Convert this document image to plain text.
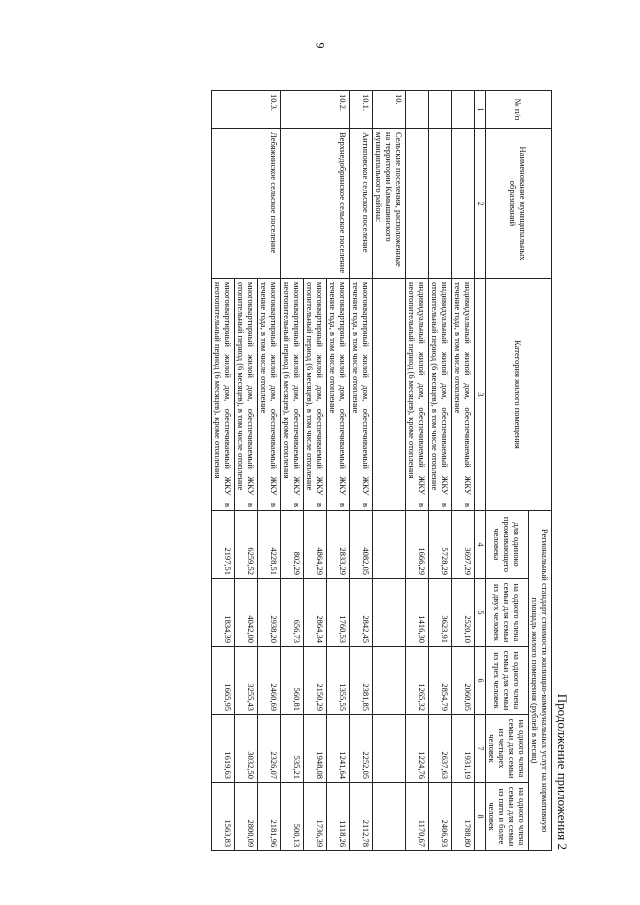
9
Продолжение приложения 2
№ п/п	Наименование муниципальных образований	Категория жилого помещения	Региональный стандарт стоимости жилищно-коммунальных услуг на нормативную площадь жилого помещения (рублей в месяц)				
			для одиноко проживающего человека	на одного члена семьи для семьи из двух человек	на одного члена семьи для семьи из трех человек	на одного члена семьи для семьи из четырех человек	на одного члена семьи для семьи из пяти и более человек
1	2	3	4	5	6	7	8
		индивидуальный жилой дом, обеспечиваемый ЖКУ в течение года, в том числе отопление	3697,29	2520,10	2060,05	1931,19	1788,80
		индивидуальный жилой дом, обеспечиваемый ЖКУ в отопительный период (6 месяцев), в том числе отопление	5728,29	3623,91	2854,79	2637,63	2406,93
		индивидуальный жилой дом, обеспечиваемый ЖКУ в неотопительный период (6 месяцев), кроме отопления	1666,29	1416,30	1265,32	1224,76	1170,67
10.	Сельские поселения, расположенные на территории Камышинского муниципального района:						
10.1.	Антиповское сельское поселение	многоквартирный жилой дом, обеспечиваемый ЖКУ в течение года, в том числе отопление	4082,05	2842,45	2381,85	2252,05	2112,78
10.2.	Верхнедобринское сельское поселение	многоквартирный жилой дом, обеспечиваемый ЖКУ в течение года, в том числе отопление	2833,29	1760,53	1355,55	1241,64	1118,26
		многоквартирный жилой дом, обеспечиваемый ЖКУ в отопительный период (6 месяцев), в том числе отопление	4864,29	2864,34	2150,29	1948,08	1736,39
		многоквартирный жилой дом, обеспечиваемый ЖКУ в неотопительный период (6 месяцев), кроме отопления	802,29	656,73	560,81	535,21	500,13
10.3.	Лебяжинское сельское поселение	многоквартирный жилой дом, обеспечиваемый ЖКУ в течение года, в том числе отопление	4228,51	2938,20	2460,69	2326,07	2181,96
		многоквартирный жилой дом, обеспечиваемый ЖКУ в отопительный период (6 месяцев), в том числе отопление	6259,52	4042,00	3255,43	3032,50	2800,09
		многоквартирный жилой дом, обеспечиваемый ЖКУ в неотопительный период (6 месяцев), кроме отопления	2197,51	1834,39	1665,95	1619,63	1563,83
